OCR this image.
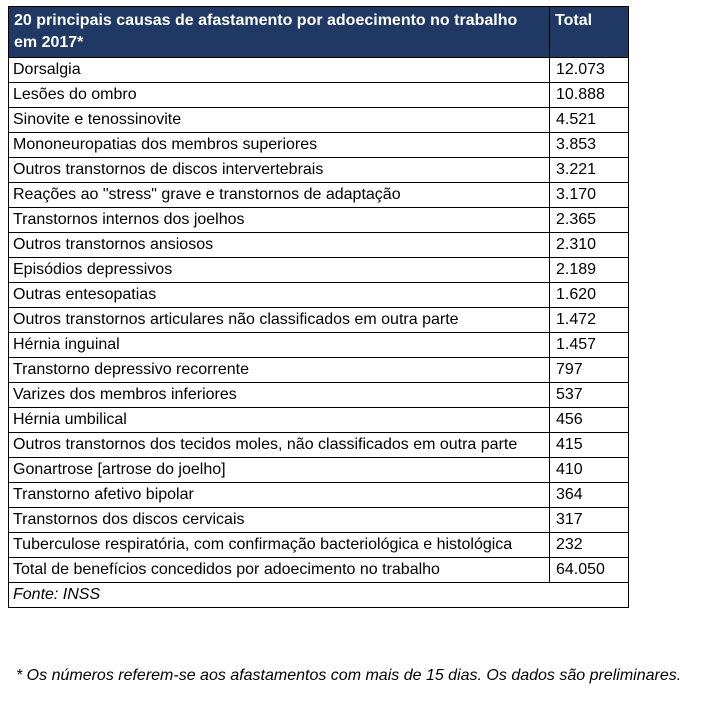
20 principais causas de afastamento por adoecimento no trabalho em 2017*	Total
Dorsalgia	12.073
Lesões do ombro	10.888
Sinovite e tenossinovite	4.521
Mononeuropatias dos membros superiores	3.853
Outros transtornos de discos intervertebrais	3.221
Reações ao "stress" grave e transtornos de adaptação	3.170
Transtornos internos dos joelhos	2.365
Outros transtornos ansiosos	2.310
Episódios depressivos	2.189
Outras entesopatias	1.620
Outros transtornos articulares não classificados em outra parte	1.472
Hérnia inguinal	1.457
Transtorno depressivo recorrente	797
Varizes dos membros inferiores	537
Hérnia umbilical	456
Outros transtornos dos tecidos moles, não classificados em outra parte	415
Gonartrose [artrose do joelho]	410
Transtorno afetivo bipolar	364
Transtornos dos discos cervicais	317
Tuberculose respiratória, com confirmação bacteriológica e histológica	232
Total de benefícios concedidos por adoecimento no trabalho	64.050
Fonte: INSS	
* Os números referem-se aos afastamentos com mais de 15 dias. Os dados são preliminares.
